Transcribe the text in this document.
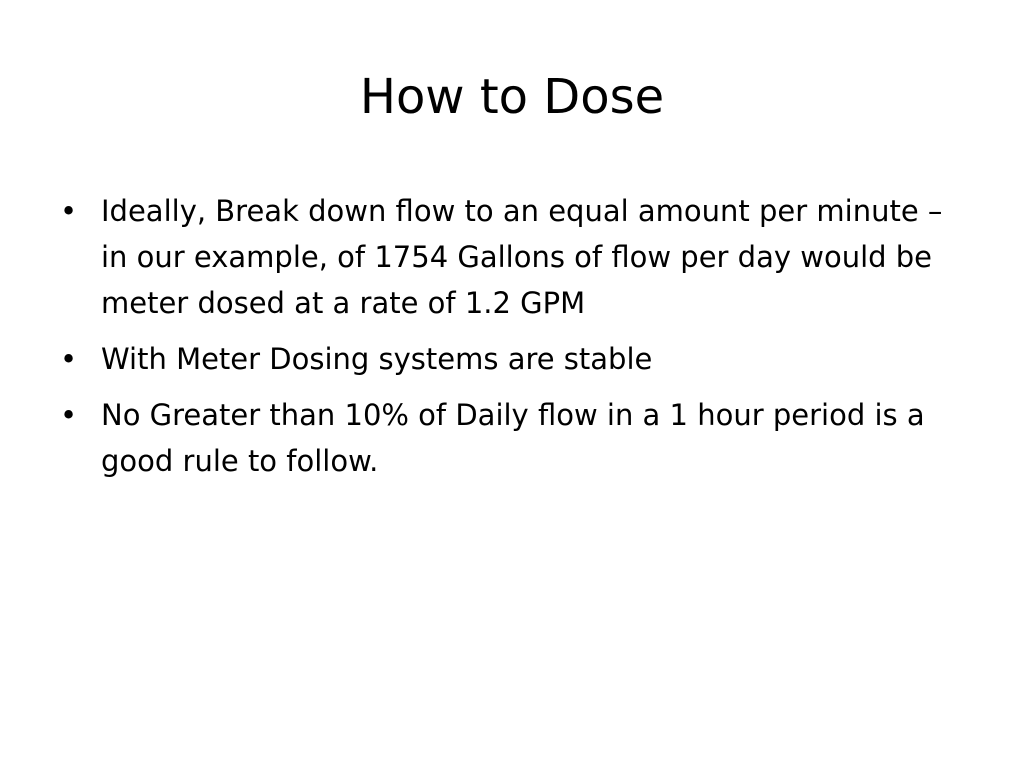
How to Dose
• Ideally, Break down flow to an equal amount per minute – in our example, of 1754 Gallons of flow per day would be meter dosed at a rate of 1.2 GPM
• With Meter Dosing systems are stable
• No Greater than 10% of Daily flow in a 1 hour period is a good rule to follow.
